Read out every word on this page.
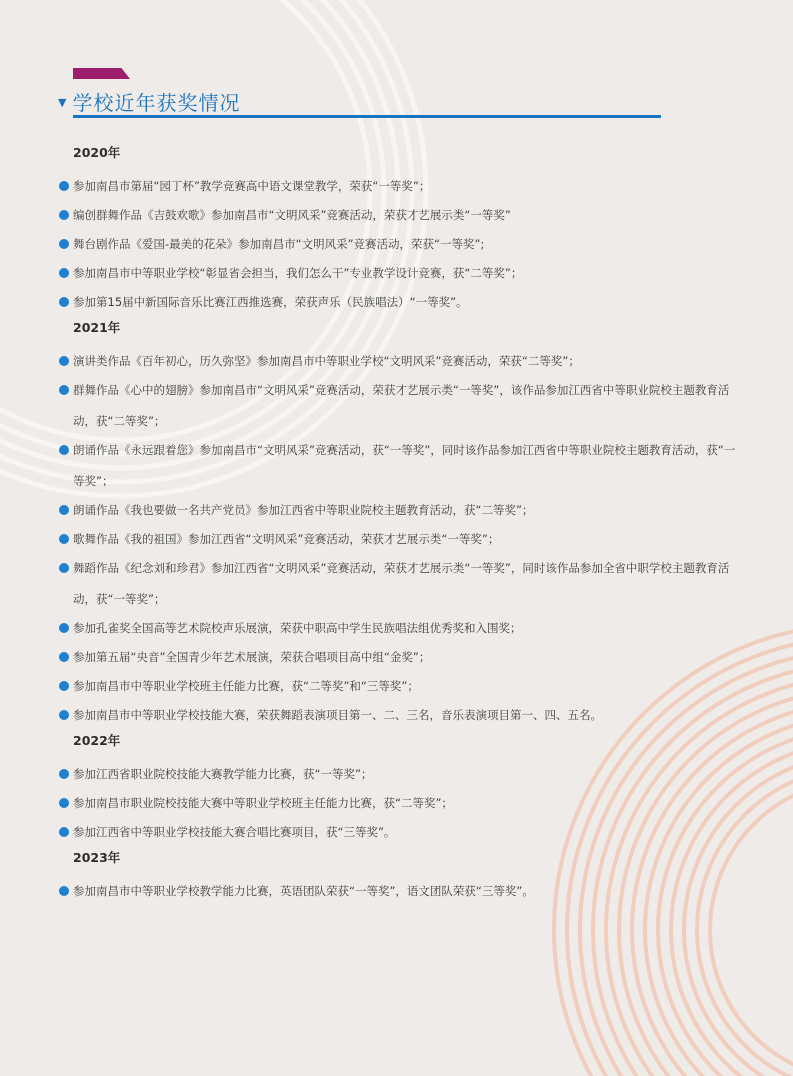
▼ 学校近年获奖情况
2020年
参加南昌市第届“园丁杯”教学竞赛高中语文课堂教学，荣获“一等奖”；
编创群舞作品《吉鼓欢歌》参加南昌市“文明风采”竞赛活动，荣获才艺展示类“一等奖”
舞台剧作品《爱国-最美的花朵》参加南昌市“文明风采”竞赛活动，荣获“一等奖”;
参加南昌市中等职业学校“彰显省会担当，我们怎么干”专业教学设计竞赛，获“二等奖”；
参加第15届中新国际音乐比赛江西推选赛，荣获声乐（民族唱法）“一等奖”。
2021年
演讲类作品《百年初心，历久弥坚》参加南昌市中等职业学校“文明风采”竞赛活动，荣获“二等奖”；
群舞作品《心中的翅膀》参加南昌市“文明风采”竞赛活动，荣获才艺展示类“一等奖”，该作品参加江西省中等职业院校主题教育活动，获“二等奖”；
朗诵作品《永远跟着您》参加南昌市“文明风采”竞赛活动，获“一等奖”，同时该作品参加江西省中等职业院校主题教育活动，获“一等奖”；
朗诵作品《我也要做一名共产党员》参加江西省中等职业院校主题教育活动，获“二等奖”；
歌舞作品《我的祖国》参加江西省“文明风采”竞赛活动，荣获才艺展示类“一等奖”；
舞蹈作品《纪念刘和珍君》参加江西省“文明风采”竞赛活动，荣获才艺展示类“一等奖”，同时该作品参加全省中职学校主题教育活动，获“一等奖”；
参加孔雀奖全国高等艺术院校声乐展演，荣获中职高中学生民族唱法组优秀奖和入围奖；
参加第五届“央音”全国青少年艺术展演，荣获合唱项目高中组“金奖”；
参加南昌市中等职业学校班主任能力比赛，获“二等奖”和“三等奖”；
参加南昌市中等职业学校技能大赛，荣获舞蹈表演项目第一、二、三名，音乐表演项目第一、四、五名。
2022年
参加江西省职业院校技能大赛教学能力比赛，获“一等奖”；
参加南昌市职业院校技能大赛中等职业学校班主任能力比赛，获“二等奖”；
参加江西省中等职业学校技能大赛合唱比赛项目，获“三等奖”。
2023年
参加南昌市中等职业学校教学能力比赛，英语团队荣获“一等奖”，语文团队荣获“三等奖”。
